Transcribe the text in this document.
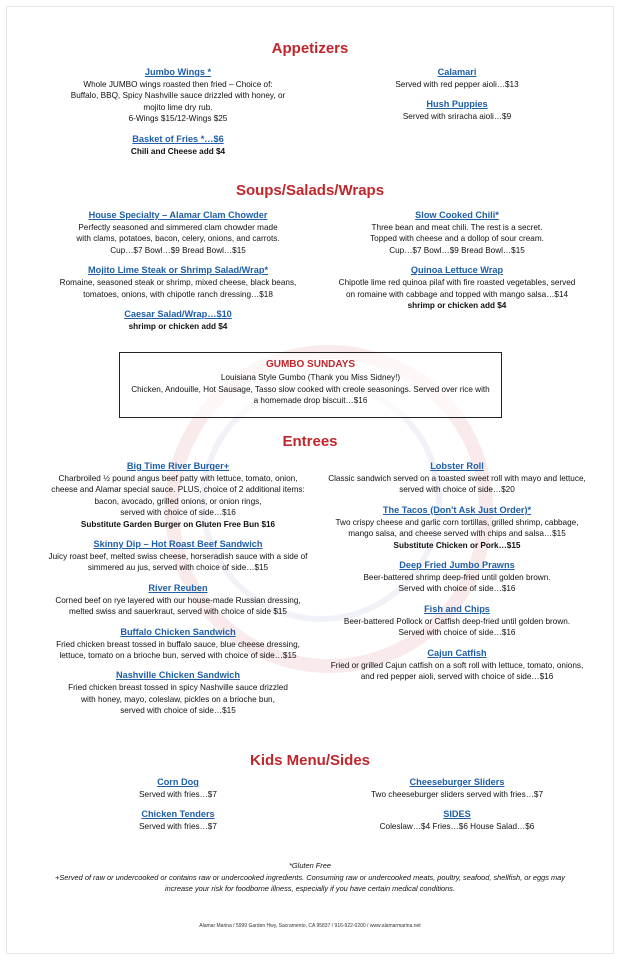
Appetizers
Jumbo Wings *
Whole JUMBO wings roasted then fried – Choice of:
Buffalo, BBQ, Spicy Nashville sauce drizzled with honey, or
mojito lime dry rub.
6-Wings $15/12-Wings $25
Basket of Fries *…$6
Chili and Cheese add $4
Calamari
Served with red pepper aioli…$13
Hush Puppies
Served with sriracha aioli…$9
Soups/Salads/Wraps
House Specialty – Alamar Clam Chowder
Perfectly seasoned and simmered clam chowder made
with clams, potatoes, bacon, celery, onions, and carrots.
Cup…$7 Bowl…$9 Bread Bowl…$15
Mojito Lime Steak or Shrimp Salad/Wrap*
Romaine, seasoned steak or shrimp, mixed cheese, black beans,
tomatoes, onions, with chipotle ranch dressing…$18
Caesar Salad/Wrap…$10
shrimp or chicken add $4
Slow Cooked Chili*
Three bean and meat chili. The rest is a secret.
Topped with cheese and a dollop of sour cream.
Cup…$7 Bowl…$9 Bread Bowl…$15
Quinoa Lettuce Wrap
Chipotle lime red quinoa pilaf with fire roasted vegetables, served
on romaine with cabbage and topped with mango salsa…$14
shrimp or chicken add $4
GUMBO SUNDAYS
Louisiana Style Gumbo (Thank you Miss Sidney!)
Chicken, Andouille, Hot Sausage, Tasso slow cooked with creole seasonings. Served over rice with
a homemade drop biscuit…$16
Entrees
Big Time River Burger+
Charbroiled ½ pound angus beef patty with lettuce, tomato, onion,
cheese and Alamar special sauce. PLUS, choice of 2 additional items:
bacon, avocado, grilled onions, or onion rings,
served with choice of side…$16
Substitute Garden Burger on Gluten Free Bun $16
Skinny Dip – Hot Roast Beef Sandwich
Juicy roast beef, melted swiss cheese, horseradish sauce with a side of
simmered au jus, served with choice of side…$15
River Reuben
Corned beef on rye layered with our house-made Russian dressing,
melted swiss and sauerkraut, served with choice of side $15
Buffalo Chicken Sandwich
Fried chicken breast tossed in buffalo sauce, blue cheese dressing,
lettuce, tomato on a brioche bun, served with choice of side…$15
Nashville Chicken Sandwich
Fried chicken breast tossed in spicy Nashville sauce drizzled
with honey, mayo, coleslaw, pickles on a brioche bun,
served with choice of side…$15
Lobster Roll
Classic sandwich served on a toasted sweet roll with mayo and lettuce,
served with choice of side…$20
The Tacos (Don't Ask Just Order)*
Two crispy cheese and garlic corn tortillas, grilled shrimp, cabbage,
mango salsa, and cheese served with chips and salsa…$15
Substitute Chicken or Pork…$15
Deep Fried Jumbo Prawns
Beer-battered shrimp deep-fried until golden brown.
Served with choice of side…$16
Fish and Chips
Beer-battered Pollock or Catfish deep-fried until golden brown.
Served with choice of side…$16
Cajun Catfish
Fried or grilled Cajun catfish on a soft roll with lettuce, tomato, onions,
and red pepper aioli, served with choice of side…$16
Kids Menu/Sides
Corn Dog
Served with fries…$7
Chicken Tenders
Served with fries…$7
Cheeseburger Sliders
Two cheeseburger sliders served with fries…$7
SIDES
Coleslaw…$4 Fries…$6 House Salad…$6
*Gluten Free
+Served of raw or undercooked or contains raw or undercooked ingredients. Consuming raw or undercooked meats, poultry, seafood, shellfish, or eggs may
increase your risk for foodborne illness, especially if you have certain medical conditions.
Alamar Marina / 5999 Garden Hwy, Sacramento, CA 95837 / 916-922-0200 / www.alamarmarina.net
